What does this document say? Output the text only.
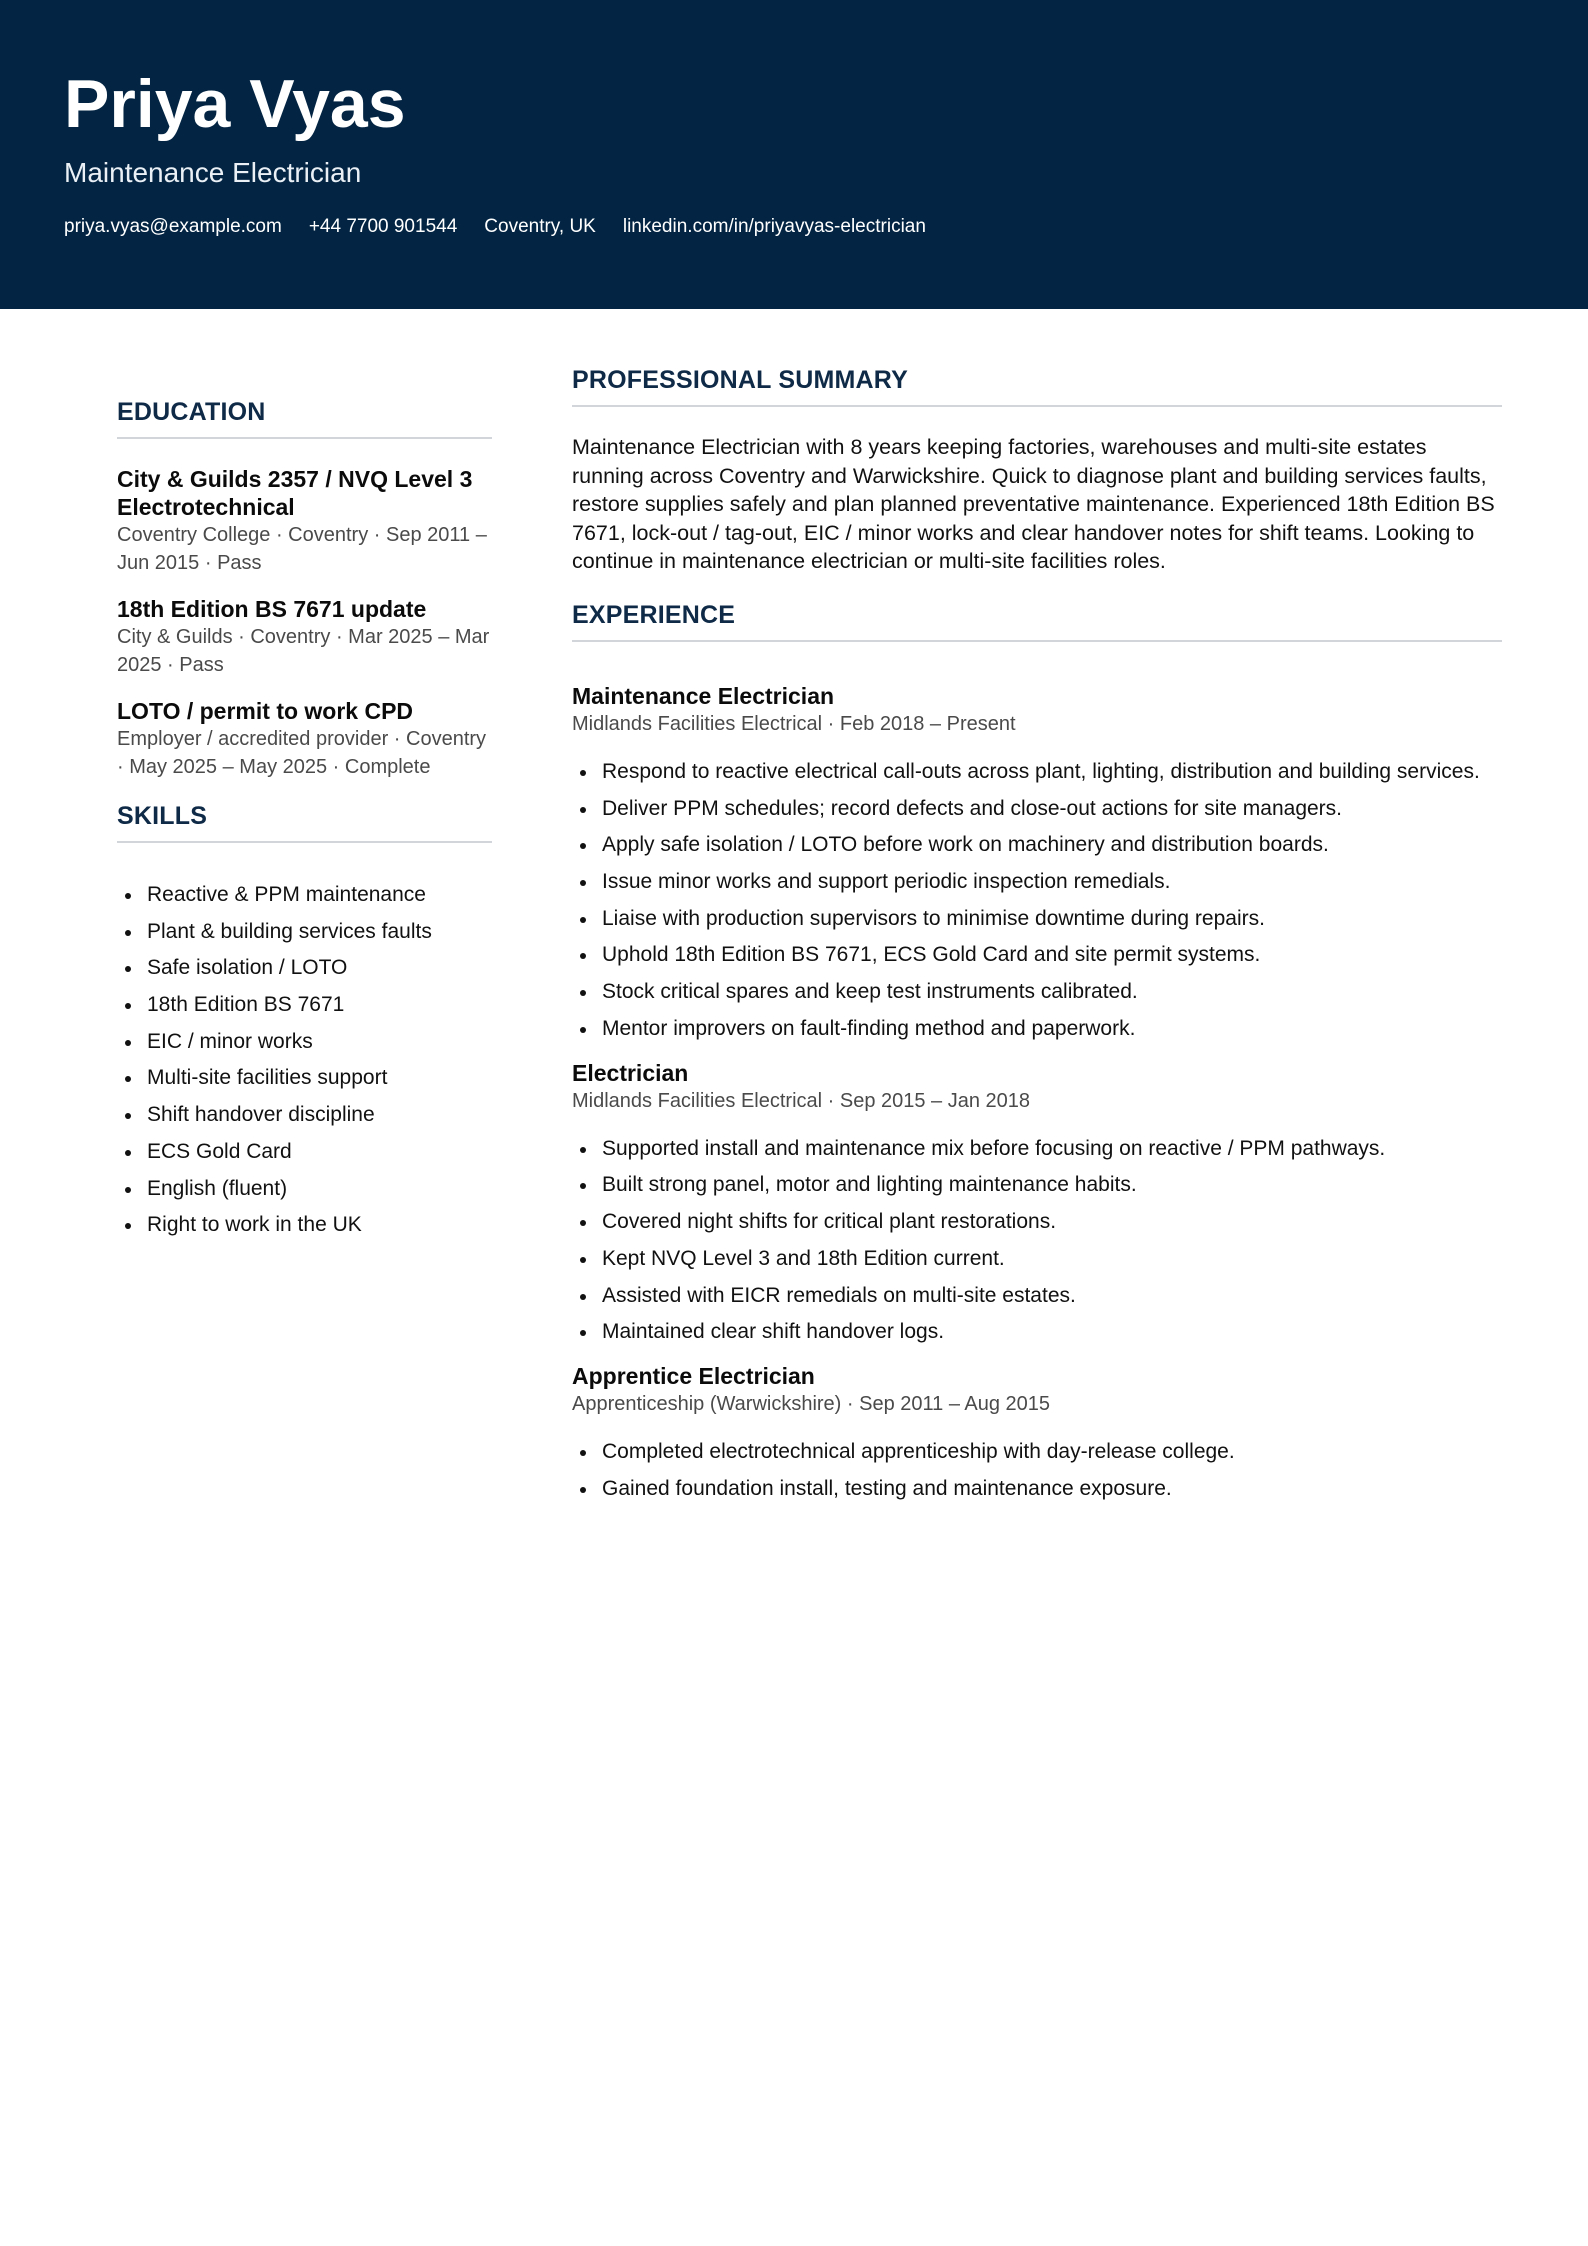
Priya Vyas
Maintenance Electrician
priya.vyas@example.com +44 7700 901544 Coventry, UK linkedin.com/in/priyavyas-electrician
EDUCATION
City & Guilds 2357 / NVQ Level 3 Electrotechnical
Coventry College · Coventry · Sep 2011 – Jun 2015 · Pass
18th Edition BS 7671 update
City & Guilds · Coventry · Mar 2025 – Mar 2025 · Pass
LOTO / permit to work CPD
Employer / accredited provider · Coventry · May 2025 – May 2025 · Complete
SKILLS
Reactive & PPM maintenance
Plant & building services faults
Safe isolation / LOTO
18th Edition BS 7671
EIC / minor works
Multi-site facilities support
Shift handover discipline
ECS Gold Card
English (fluent)
Right to work in the UK
PROFESSIONAL SUMMARY

Maintenance Electrician with 8 years keeping factories, warehouses and multi-site estates running across Coventry and Warwickshire. Quick to diagnose plant and building services faults, restore supplies safely and plan planned preventative maintenance. Experienced 18th Edition BS 7671, lock-out / tag-out, EIC / minor works and clear handover notes for shift teams. Looking to continue in maintenance electrician or multi-site facilities roles.

EXPERIENCE
Maintenance Electrician
Midlands Facilities Electrical · Feb 2018 – Present
Respond to reactive electrical call-outs across plant, lighting, distribution and building services.
Deliver PPM schedules; record defects and close-out actions for site managers.
Apply safe isolation / LOTO before work on machinery and distribution boards.
Issue minor works and support periodic inspection remedials.
Liaise with production supervisors to minimise downtime during repairs.
Uphold 18th Edition BS 7671, ECS Gold Card and site permit systems.
Stock critical spares and keep test instruments calibrated.
Mentor improvers on fault-finding method and paperwork.
Electrician
Midlands Facilities Electrical · Sep 2015 – Jan 2018
Supported install and maintenance mix before focusing on reactive / PPM pathways.
Built strong panel, motor and lighting maintenance habits.
Covered night shifts for critical plant restorations.
Kept NVQ Level 3 and 18th Edition current.
Assisted with EICR remedials on multi-site estates.
Maintained clear shift handover logs.
Apprentice Electrician
Apprenticeship (Warwickshire) · Sep 2011 – Aug 2015
Completed electrotechnical apprenticeship with day-release college.
Gained foundation install, testing and maintenance exposure.
